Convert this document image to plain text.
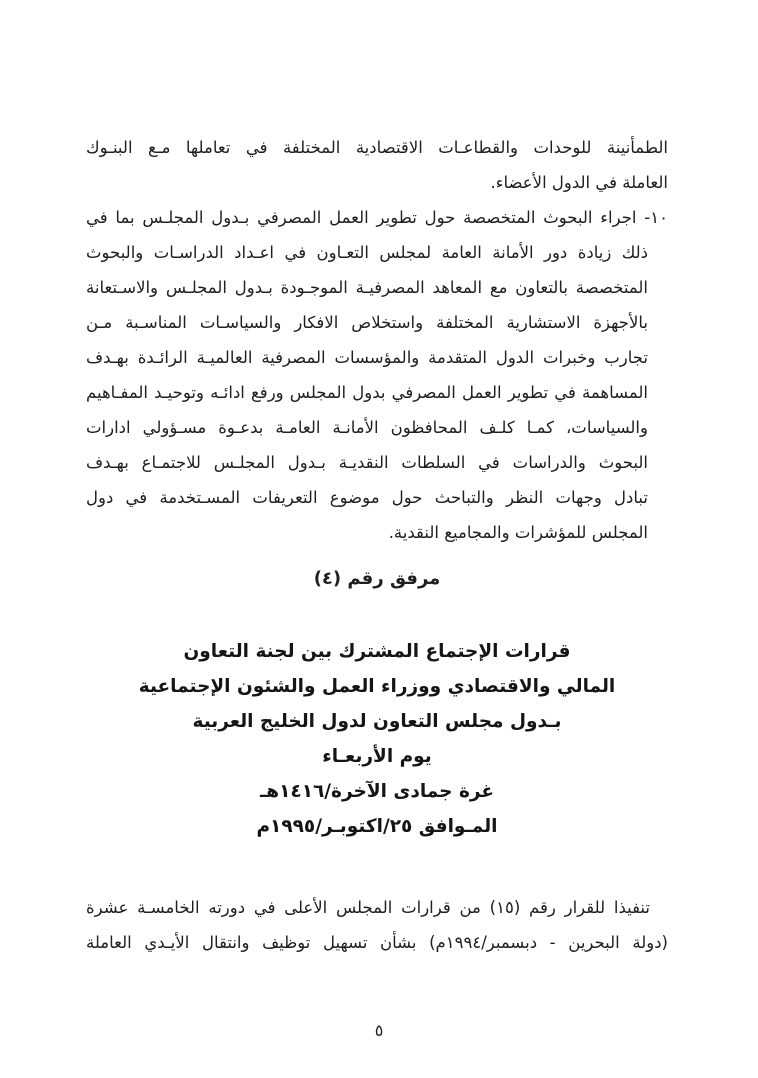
الطمأنينة للوحدات والقطاعـات الاقتصادية المختلفة في تعاملها مـع البنـوك
العاملة في الدول الأعضاء.
١٠- اجراء البحوث المتخصصة حول تطوير العمل المصرفي بـدول المجلـس بما في
ذلك زيادة دور الأمانة العامة لمجلس التعـاون في اعـداد الدراسـات والبحوث
المتخصصة بالتعاون مع المعاهد المصرفيـة الموجـودة بـدول المجلـس والاسـتعانة
بالأجهزة الاستشارية المختلفة واستخلاص الافكار والسياسـات المناسـبة مـن
تجارب وخبرات الدول المتقدمة والمؤسسات المصرفية العالميـة الرائـدة بهـدف
المساهمة في تطوير العمل المصرفي بدول المجلس ورفع ادائـه وتوحيـد المفـاهيم
والسياسات، كمـا كلـف المحافظون الأمانـة العامـة بدعـوة مسـؤولي ادارات
البحوث والدراسات في السلطات النقديـة بـدول المجلـس للاجتمـاع بهـدف
تبادل وجهات النظر والتباحث حول موضوع التعريفات المسـتخدمة في دول
المجلس للمؤشرات والمجاميع النقدية.
مرفق رقم (٤)
قرارات الإجتماع المشترك بين لجنة التعاون
المالي والاقتصادي ووزراء العمل والشئون الإجتماعية
بـدول مجلس التعاون لدول الخليج العربية
يوم الأربعـاء
غرة جمادى الآخرة/١٤١٦هـ
المـوافق ٢٥/اكتوبـر/١٩٩٥م
تنفيذا للقرار رقم (١٥) من قرارات المجلس الأعلى في دورته الخامسـة عشرة
(دولة البحرين - دبسمبر/١٩٩٤م) بشأن تسهيل توظيف وانتقال الأيـدي العاملة
٥
